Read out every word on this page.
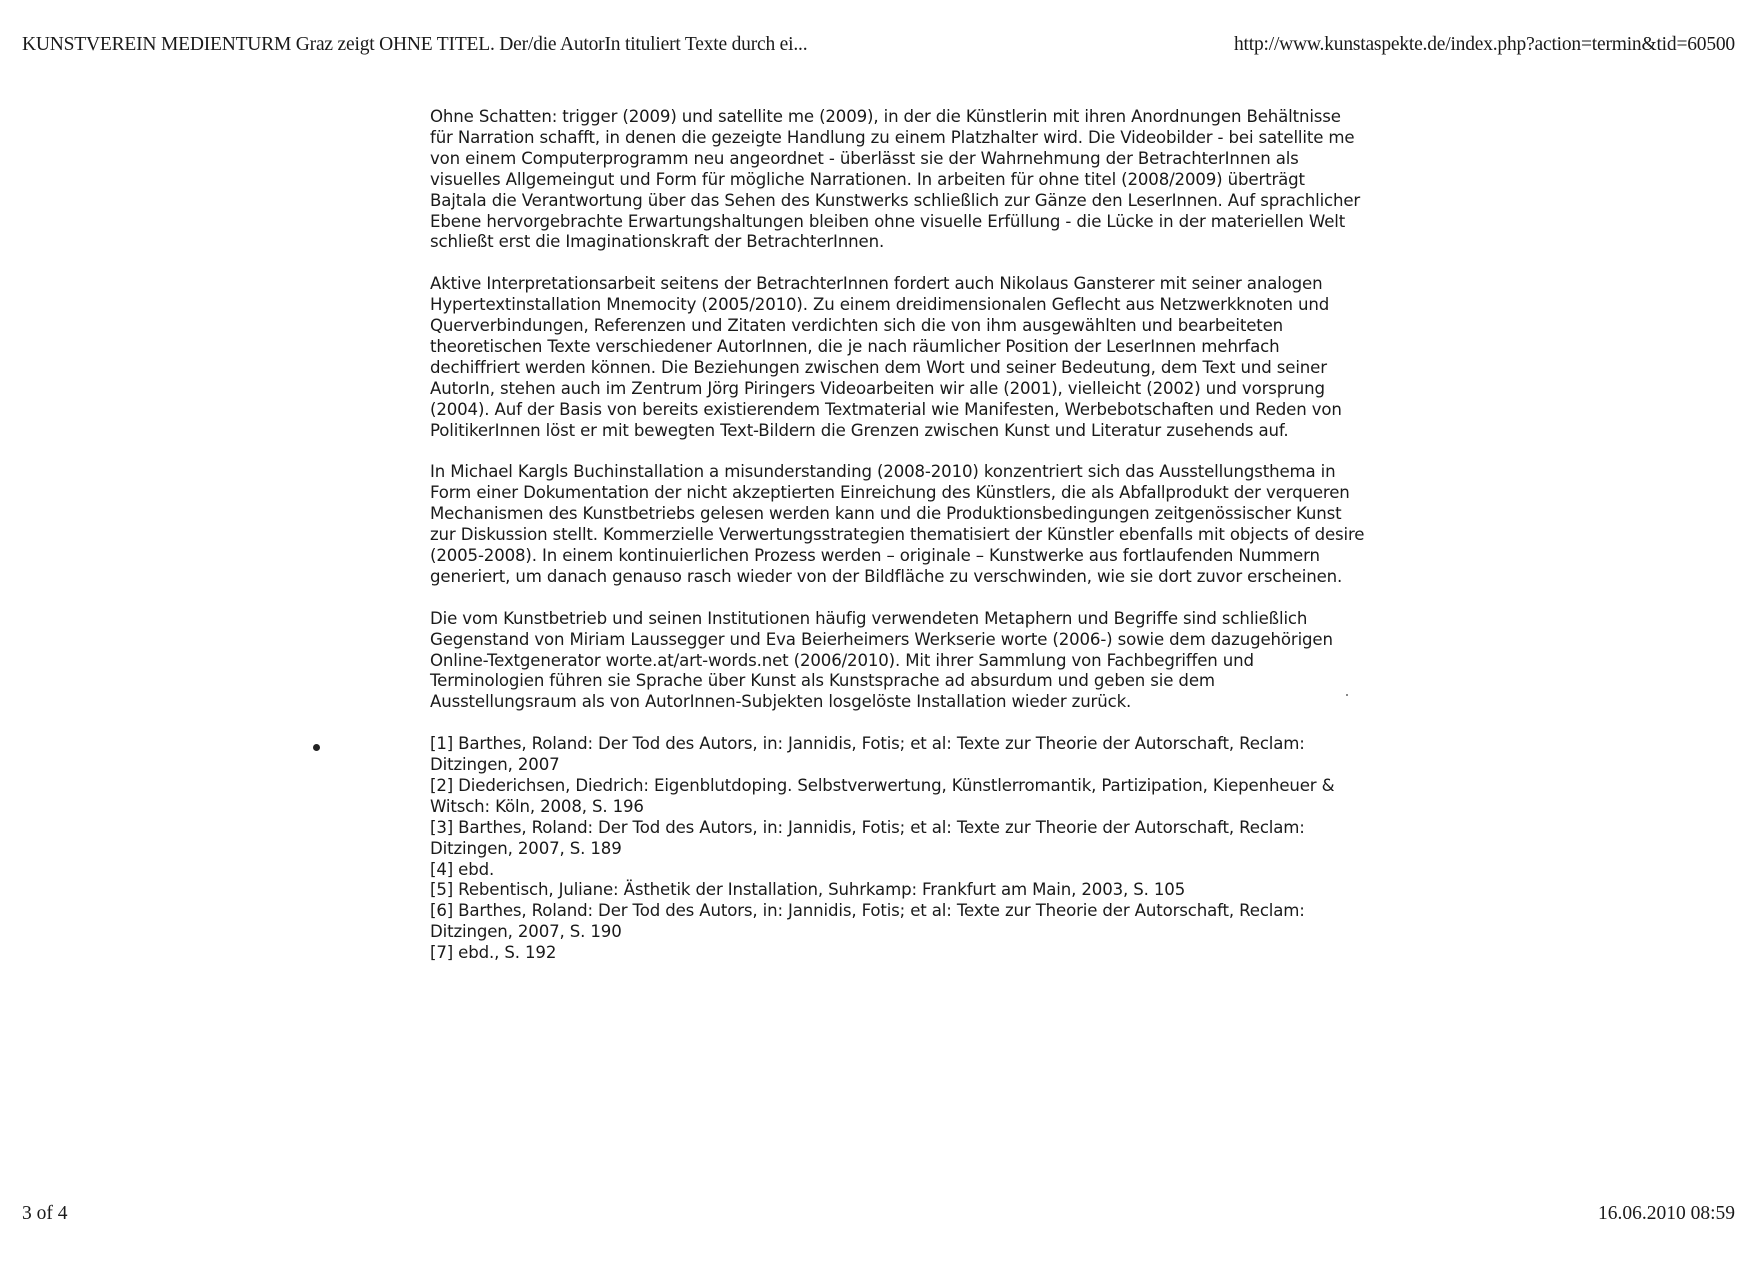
KUNSTVEREIN MEDIENTURM Graz zeigt OHNE TITEL. Der/die AutorIn tituliert Texte durch ei...	http://www.kunstaspekte.de/index.php?action=termin&tid=60500

Ohne Schatten: trigger (2009) und satellite me (2009), in der die Künstlerin mit ihren Anordnungen Behältnisse für Narration schafft, in denen die gezeigte Handlung zu einem Platzhalter wird. Die Videobilder - bei satellite me von einem Computerprogramm neu angeordnet - überlässt sie der Wahrnehmung der BetrachterInnen als visuelles Allgemeingut und Form für mögliche Narrationen. In arbeiten für ohne titel (2008/2009) überträgt Bajtala die Verantwortung über das Sehen des Kunstwerks schließlich zur Gänze den LeserInnen. Auf sprachlicher Ebene hervorgebrachte Erwartungshaltungen bleiben ohne visuelle Erfüllung - die Lücke in der materiellen Welt schließt erst die Imaginationskraft der BetrachterInnen.

Aktive Interpretationsarbeit seitens der BetrachterInnen fordert auch Nikolaus Gansterer mit seiner analogen Hypertextinstallation Mnemocity (2005/2010). Zu einem dreidimensionalen Geflecht aus Netzwerkknoten und Querverbindungen, Referenzen und Zitaten verdichten sich die von ihm ausgewählten und bearbeiteten theoretischen Texte verschiedener AutorInnen, die je nach räumlicher Position der LeserInnen mehrfach dechiffriert werden können. Die Beziehungen zwischen dem Wort und seiner Bedeutung, dem Text und seiner AutorIn, stehen auch im Zentrum Jörg Piringers Videoarbeiten wir alle (2001), vielleicht (2002) und vorsprung (2004). Auf der Basis von bereits existierendem Textmaterial wie Manifesten, Werbebotschaften und Reden von PolitikerInnen löst er mit bewegten Text-Bildern die Grenzen zwischen Kunst und Literatur zusehends auf.

In Michael Kargls Buchinstallation a misunderstanding (2008-2010) konzentriert sich das Ausstellungsthema in Form einer Dokumentation der nicht akzeptierten Einreichung des Künstlers, die als Abfallprodukt der verqueren Mechanismen des Kunstbetriebs gelesen werden kann und die Produktionsbedingungen zeitgenössischer Kunst zur Diskussion stellt. Kommerzielle Verwertungsstrategien thematisiert der Künstler ebenfalls mit objects of desire (2005-2008). In einem kontinuierlichen Prozess werden – originale – Kunstwerke aus fortlaufenden Nummern generiert, um danach genauso rasch wieder von der Bildfläche zu verschwinden, wie sie dort zuvor erscheinen.

Die vom Kunstbetrieb und seinen Institutionen häufig verwendeten Metaphern und Begriffe sind schließlich Gegenstand von Miriam Laussegger und Eva Beierheimers Werkserie worte (2006-) sowie dem dazugehörigen Online-Textgenerator worte.at/art-words.net (2006/2010). Mit ihrer Sammlung von Fachbegriffen und Terminologien führen sie Sprache über Kunst als Kunstsprache ad absurdum und geben sie dem Ausstellungsraum als von AutorInnen-Subjekten losgelöste Installation wieder zurück.

[1] Barthes, Roland: Der Tod des Autors, in: Jannidis, Fotis; et al: Texte zur Theorie der Autorschaft, Reclam: Ditzingen, 2007
[2] Diederichsen, Diedrich: Eigenblutdoping. Selbstverwertung, Künstlerromantik, Partizipation, Kiepenheuer & Witsch: Köln, 2008, S. 196
[3] Barthes, Roland: Der Tod des Autors, in: Jannidis, Fotis; et al: Texte zur Theorie der Autorschaft, Reclam: Ditzingen, 2007, S. 189
[4] ebd.
[5] Rebentisch, Juliane: Ästhetik der Installation, Suhrkamp: Frankfurt am Main, 2003, S. 105
[6] Barthes, Roland: Der Tod des Autors, in: Jannidis, Fotis; et al: Texte zur Theorie der Autorschaft, Reclam: Ditzingen, 2007, S. 190
[7] ebd., S. 192
3 of 4	16.06.2010 08:59
